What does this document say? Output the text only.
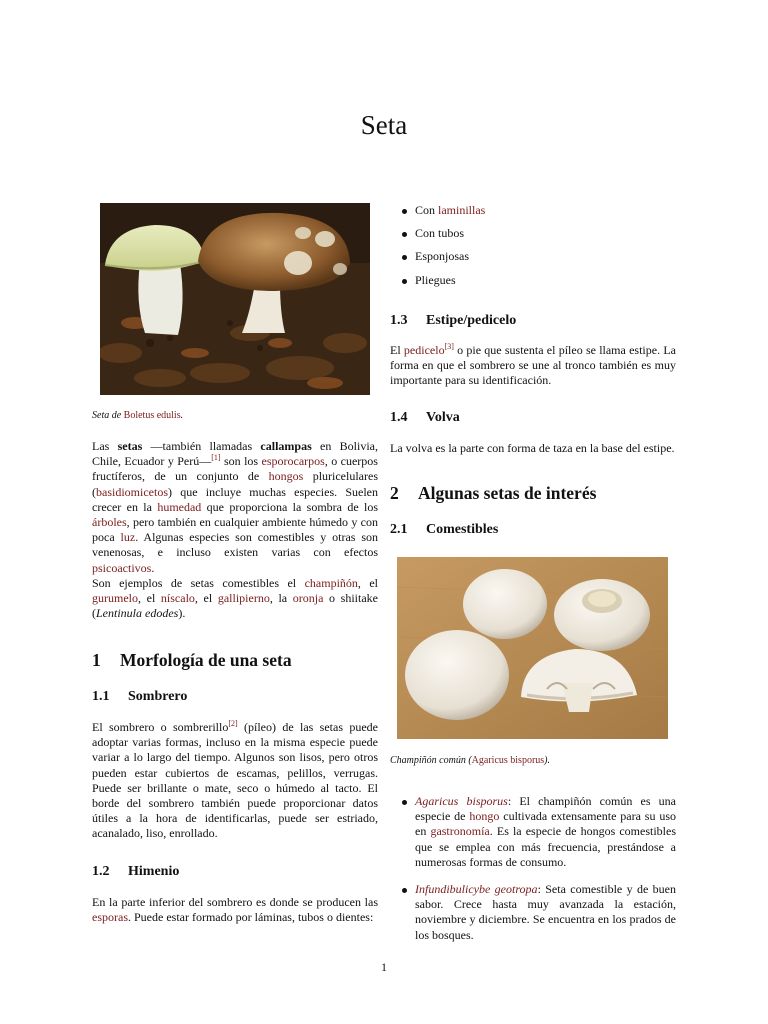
Seta
Seta de Boletus edulis.

Las setas —también llamadas callampas en Bolivia, Chile, Ecuador y Perú—[1] son los esporocarpos, o cuerpos fructíferos, de un conjunto de hongos pluricelulares (basidiomicetos) que incluye muchas especies. Suelen crecer en la humedad que proporciona la sombra de los árboles, pero también en cualquier ambiente húmedo y con poca luz. Algunas especies son comestibles y otras son venenosas, e incluso existen varias con efectos psicoactivos.

Son ejemplos de setas comestibles el champiñón, el gurumelo, el níscalo, el gallipierno, la oronja o shiitake (Lentinula edodes).

1 Morfología de una seta
1.1 Sombrero

El sombrero o sombrerillo[2] (píleo) de las setas puede adoptar varias formas, incluso en la misma especie puede variar a lo largo del tiempo. Algunos son lisos, pero otros pueden estar cubiertos de escamas, pelillos, verrugas. Puede ser brillante o mate, seco o húmedo al tacto. El borde del sombrero también puede proporcionar datos útiles a la hora de identificarlas, puede ser estriado, acanalado, liso, enrollado.

1.2 Himenio

En la parte inferior del sombrero es donde se producen las esporas. Puede estar formado por láminas, tubos o dientes:

Con laminillas
Con tubos
Esponjosas
Pliegues
1.3 Estipe/pedicelo

El pedicelo[3] o pie que sustenta el píleo se llama estipe. La forma en que el sombrero se une al tronco también es muy importante para su identificación.

1.4 Volva

La volva es la parte con forma de taza en la base del estipe.

2 Algunas setas de interés
2.1 Comestibles
Champiñón común (Agaricus bisporus).
Agaricus bisporus: El champiñón común es una especie de hongo cultivada extensamente para su uso en gastronomía. Es la especie de hongos comestibles que se emplea con más frecuencia, prestándose a numerosas formas de consumo.
Infundibulicybe geotropa: Seta comestible y de buen sabor. Crece hasta muy avanzada la estación, noviembre y diciembre. Se encuentra en los prados de los bosques.
1
